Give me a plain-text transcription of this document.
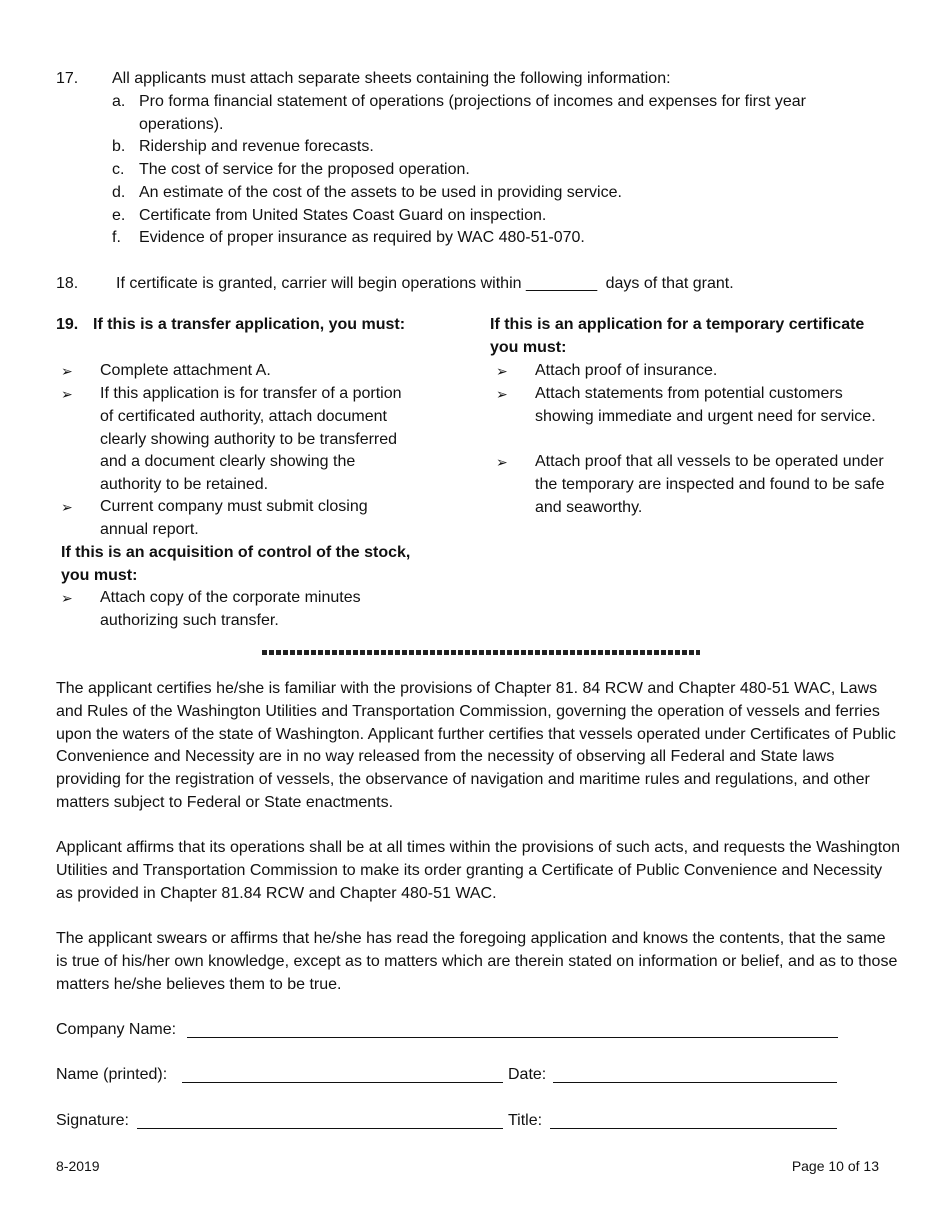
17. All applicants must attach separate sheets containing the following information:
a. Pro forma financial statement of operations (projections of incomes and expenses for first year operations).
b. Ridership and revenue forecasts.
c. The cost of service for the proposed operation.
d. An estimate of the cost of the assets to be used in providing service.
e. Certificate from United States Coast Guard on inspection.
f. Evidence of proper insurance as required by WAC 480-51-070.
18. If certificate is granted, carrier will begin operations within ________ days of that grant.
19. If this is a transfer application, you must:
➢ Complete attachment A.
➢ If this application is for transfer of a portion of certificated authority, attach document clearly showing authority to be transferred and a document clearly showing the authority to be retained.
➢ Current company must submit closing annual report.
If this is an acquisition of control of the stock, you must:
➢ Attach copy of the corporate minutes authorizing such transfer.
If this is an application for a temporary certificate you must:
➢ Attach proof of insurance.
➢ Attach statements from potential customers showing immediate and urgent need for service.
➢ Attach proof that all vessels to be operated under the temporary are inspected and found to be safe and seaworthy.
The applicant certifies he/she is familiar with the provisions of Chapter 81. 84 RCW and Chapter 480-51 WAC, Laws and Rules of the Washington Utilities and Transportation Commission, governing the operation of vessels and ferries upon the waters of the state of Washington. Applicant further certifies that vessels operated under Certificates of Public Convenience and Necessity are in no way released from the necessity of observing all Federal and State laws providing for the registration of vessels, the observance of navigation and maritime rules and regulations, and other matters subject to Federal or State enactments.
Applicant affirms that its operations shall be at all times within the provisions of such acts, and requests the Washington Utilities and Transportation Commission to make its order granting a Certificate of Public Convenience and Necessity as provided in Chapter 81.84 RCW and Chapter 480-51 WAC.
The applicant swears or affirms that he/she has read the foregoing application and knows the contents, that the same is true of his/her own knowledge, except as to matters which are therein stated on information or belief, and as to those matters he/she believes them to be true.
Company Name:
Name (printed):	Date:
Signature:	Title:
8-2019	Page 10 of 13
